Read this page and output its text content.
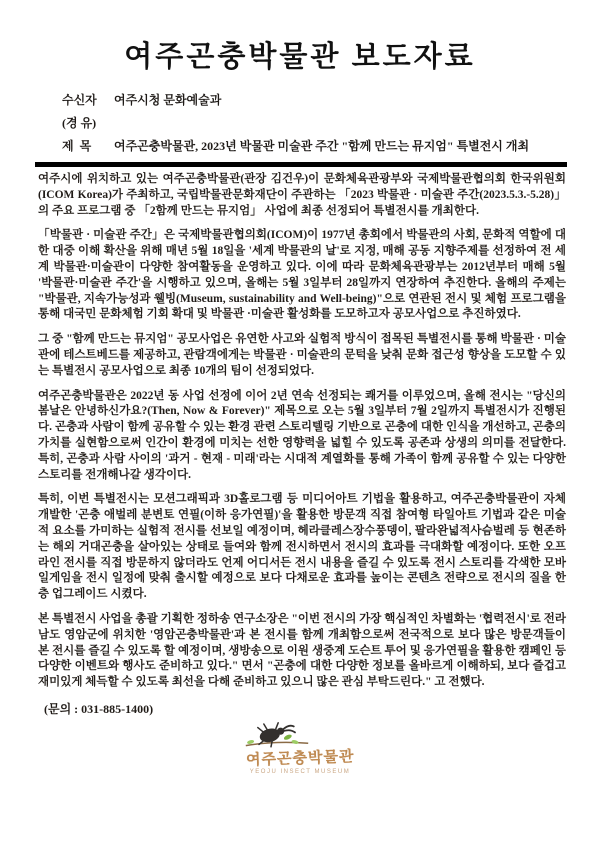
여주곤충박물관 보도자료
수신자	여주시청 문화예술과
(경 유)
제  목	여주곤충박물관, 2023년 박물관 미술관 주간 "함께 만드는 뮤지엄" 특별전시 개최

여주시에 위치하고 있는 여주곤충박물관(관장 김건우)이 문화체육관광부와 국제박물관협의회 한국위원회(ICOM Korea)가 주최하고, 국립박물관문화재단이 주관하는 「2023 박물관 · 미술관 주간(2023.5.3.-5.28)」의 주요 프로그램 중 「2함께 만드는 뮤지엄」 사업에 최종 선정되어 특별전시를 개최한다.

「박물관 · 미술관 주간」은 국제박물관협의회(ICOM)이 1977년 총회에서 박물관의 사회, 문화적 역할에 대한 대중 이해 확산을 위해 매년 5월 18일을 '세계 박물관의 날'로 지정, 매해 공동 지향주제를 선정하여 전 세계 박물관·미술관이 다양한 참여활동을 운영하고 있다. 이에 따라 문화체육관광부는 2012년부터 매해 5월 '박물관·미술관 주간'을 시행하고 있으며, 올해는 5월 3일부터 28일까지 연장하여 추진한다. 올해의 주제는 "박물관, 지속가능성과 웰빙(Museum, sustainability and Well-being)"으로 연관된 전시 및 체험 프로그램을 통해 대국민 문화체험 기회 확대 및 박물관 ·미술관 활성화를 도모하고자 공모사업으로 추진하였다.

그 중 "함께 만드는 뮤지엄" 공모사업은 유연한 사고와 실험적 방식이 접목된 특별전시를 통해 박물관 · 미술관에 테스트베드를 제공하고, 관람객에게는 박물관 · 미술관의 문턱을 낮춰 문화 접근성 향상을 도모할 수 있는 특별전시 공모사업으로 최종 10개의 팀이 선정되었다.

여주곤충박물관은 2022년 동 사업 선정에 이어 2년 연속 선정되는 쾌거를 이루었으며, 올해 전시는 "당신의 봄날은 안녕하신가요?(Then, Now & Forever)" 제목으로 오는 5월 3일부터 7월 2일까지 특별전시가 진행된다. 곤충과 사람이 함께 공유할 수 있는 환경 관련 스토리텔링 기반으로 곤충에 대한 인식을 개선하고, 곤충의 가치를 실현함으로써 인간이 환경에 미치는 선한 영향력을 넓힐 수 있도록 공존과 상생의 의미를 전달한다. 특히, 곤충과 사람 사이의 '과거 - 현재 - 미래'라는 시대적 계열화를 통해 가족이 함께 공유할 수 있는 다양한 스토리를 전개해나갈 생각이다.

특히, 이번 특별전시는 모션그래픽과 3D홀로그램 등 미디어아트 기법을 활용하고, 여주곤충박물관이 자체 개발한 '곤충 애벌레 분변토 연필(이하 응가연필)'을 활용한 방문객 직접 참여형 타일아트 기법과 같은 미술적 요소를 가미하는 실험적 전시를 선보일 예정이며, 헤라클레스장수풍뎅이, 팔라완넓적사슴벌레 등 현존하는 해외 거대곤충을 살아있는 상태로 들여와 함께 전시하면서 전시의 효과를 극대화할 예정이다. 또한 오프라인 전시를 직접 방문하지 않더라도 언제 어디서든 전시 내용을 즐길 수 있도록 전시 스토리를 각색한 모바일게임을 전시 일정에 맞춰 출시할 예정으로 보다 다채로운 효과를 높이는 콘텐츠 전략으로 전시의 질을 한층 업그레이드 시켰다.

본 특별전시 사업을 총괄 기획한 정하송 연구소장은 "이번 전시의 가장 핵심적인 차별화는 '협력전시'로 전라남도 영암군에 위치한 '영암곤충박물관'과 본 전시를 함께 개최함으로써 전국적으로 보다 많은 방문객들이 본 전시를 즐길 수 있도록 할 예정이며, 생방송으로 이원 생중계 도슨트 투어 및 응가연필을 활용한 캠페인 등 다양한 이벤트와 행사도 준비하고 있다." 면서 "곤충에 대한 다양한 정보를 올바르게 이해하되, 보다 즐겁고 재미있게 체득할 수 있도록 최선을 다해 준비하고 있으니 많은 관심 부탁드린다." 고 전했다.

(문의 : 031-885-1400)
여주곤충박물관
YEOJU INSECT MUSEUM
